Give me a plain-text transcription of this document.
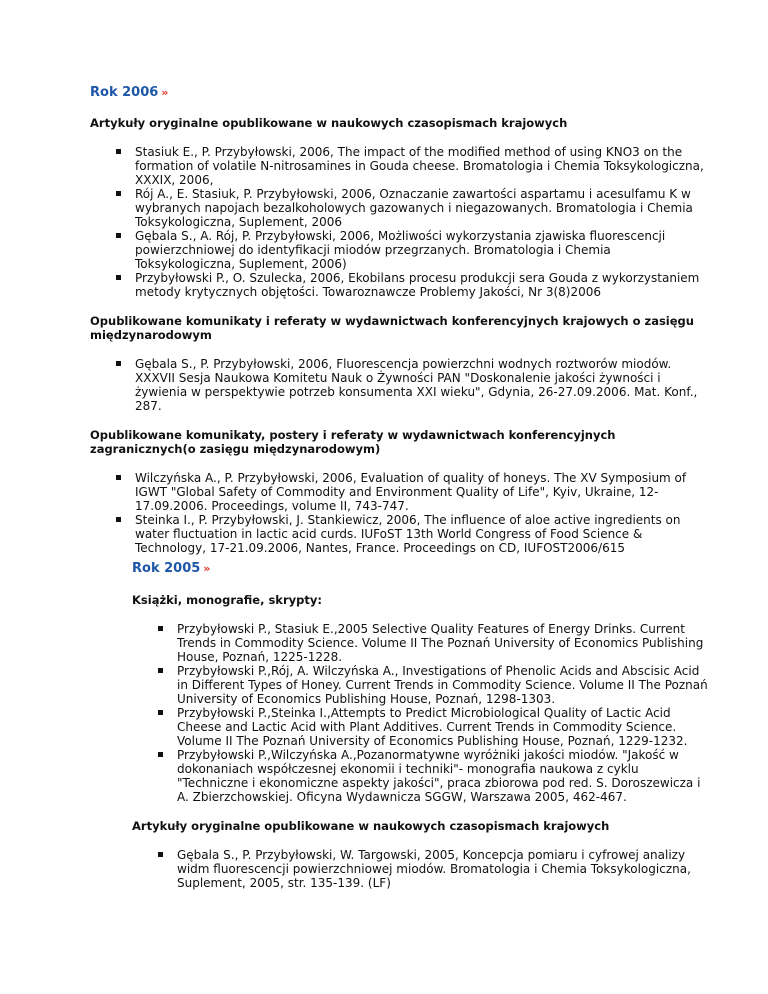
Rok 2006 »

Artykuły oryginalne opublikowane w naukowych czasopismach krajowych

Stasiuk E., P. Przybyłowski, 2006, The impact of the modified method of using KNO3 on the formation of volatile N-nitrosamines in Gouda cheese. Bromatologia i Chemia Toksykologiczna, XXXIX, 2006,
Rój A., E. Stasiuk, P. Przybyłowski, 2006, Oznaczanie zawartości aspartamu i acesulfamu K w wybranych napojach bezalkoholowych gazowanych i niegazowanych. Bromatologia i Chemia Toksykologiczna, Suplement, 2006
Gębala S., A. Rój, P. Przybyłowski, 2006, Możliwości wykorzystania zjawiska fluorescencji powierzchniowej do identyfikacji miodów przegrzanych. Bromatologia i Chemia Toksykologiczna, Suplement, 2006)
Przybyłowski P., O. Szulecka, 2006, Ekobilans procesu produkcji sera Gouda z wykorzystaniem metody krytycznych objętości. Towaroznawcze Problemy Jakości, Nr 3(8)2006

Opublikowane komunikaty i referaty w wydawnictwach konferencyjnych krajowych o zasięgu międzynarodowym

Gębala S., P. Przybyłowski, 2006, Fluorescencja powierzchni wodnych roztworów miodów. XXXVII Sesja Naukowa Komitetu Nauk o Żywności PAN "Doskonalenie jakości żywności i żywienia w perspektywie potrzeb konsumenta XXI wieku", Gdynia, 26-27.09.2006. Mat. Konf., 287.

Opublikowane komunikaty, postery i referaty w wydawnictwach konferencyjnych zagranicznych(o zasięgu międzynarodowym)

Wilczyńska A., P. Przybyłowski, 2006, Evaluation of quality of honeys. The XV Symposium of IGWT "Global Safety of Commodity and Environment Quality of Life", Kyiv, Ukraine, 12-17.09.2006. Proceedings, volume II, 743-747.
Steinka I., P. Przybyłowski, J. Stankiewicz, 2006, The influence of aloe active ingredients on water fluctuation in lactic acid curds. IUFoST 13th World Congress of Food Science & Technology, 17-21.09.2006, Nantes, France. Proceedings on CD, IUFOST2006/615
Rok 2005 »

Książki, monografie, skrypty:

Przybyłowski P., Stasiuk E.,2005 Selective Quality Features of Energy Drinks. Current Trends in Commodity Science. Volume II The Poznań University of Economics Publishing House, Poznań, 1225-1228.
Przybyłowski P.,Rój, A. Wilczyńska A., Investigations of Phenolic Acids and Abscisic Acid in Different Types of Honey. Current Trends in Commodity Science. Volume II The Poznań University of Economics Publishing House, Poznań, 1298-1303.
Przybyłowski P.,Steinka I.,Attempts to Predict Microbiological Quality of Lactic Acid Cheese and Lactic Acid with Plant Additives. Current Trends in Commodity Science. Volume II The Poznań University of Economics Publishing House, Poznań, 1229-1232.
Przybyłowski P.,Wilczyńska A.,Pozanormatywne wyróżniki jakości miodów. "Jakość w dokonaniach współczesnej ekonomii i techniki"- monografia naukowa z cyklu "Techniczne i ekonomiczne aspekty jakości", praca zbiorowa pod red. S. Doroszewicza i A. Zbierzchowskiej. Oficyna Wydawnicza SGGW, Warszawa 2005, 462-467.

Artykuły oryginalne opublikowane w naukowych czasopismach krajowych

Gębala S., P. Przybyłowski, W. Targowski, 2005, Koncepcja pomiaru i cyfrowej analizy widm fluorescencji powierzchniowej miodów. Bromatologia i Chemia Toksykologiczna, Suplement, 2005, str. 135-139. (LF)
